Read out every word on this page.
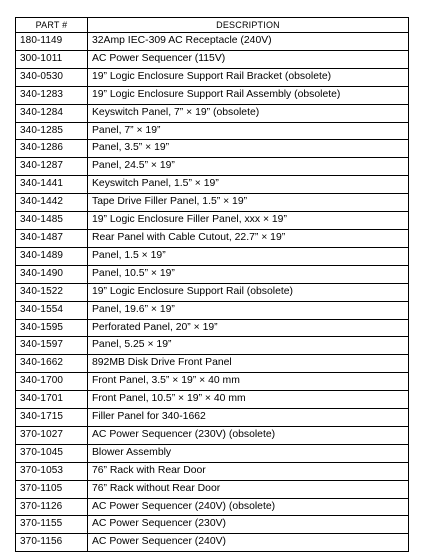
PART #	DESCRIPTION
180-1149	32Amp IEC-309 AC Receptacle (240V)
300-1011	AC Power Sequencer (115V)
340-0530	19” Logic Enclosure Support Rail Bracket (obsolete)
340-1283	19” Logic Enclosure Support Rail Assembly (obsolete)
340-1284	Keyswitch Panel, 7” × 19” (obsolete)
340-1285	Panel, 7” × 19”
340-1286	Panel, 3.5” × 19”
340-1287	Panel, 24.5” × 19”
340-1441	Keyswitch Panel, 1.5” × 19”
340-1442	Tape Drive Filler Panel, 1.5” × 19”
340-1485	19” Logic Enclosure Filler Panel, xxx × 19”
340-1487	Rear Panel with Cable Cutout, 22.7” × 19”
340-1489	Panel, 1.5 × 19”
340-1490	Panel, 10.5” × 19”
340-1522	19” Logic Enclosure Support Rail (obsolete)
340-1554	Panel, 19.6” × 19”
340-1595	Perforated Panel, 20” × 19”
340-1597	Panel, 5.25 × 19”
340-1662	892MB Disk Drive Front Panel
340-1700	Front Panel, 3.5” × 19” × 40 mm
340-1701	Front Panel, 10.5” × 19” × 40 mm
340-1715	Filler Panel for 340-1662
370-1027	AC Power Sequencer (230V) (obsolete)
370-1045	Blower Assembly
370-1053	76” Rack with Rear Door
370-1105	76” Rack without Rear Door
370-1126	AC Power Sequencer (240V) (obsolete)
370-1155	AC Power Sequencer (230V)
370-1156	AC Power Sequencer (240V)
